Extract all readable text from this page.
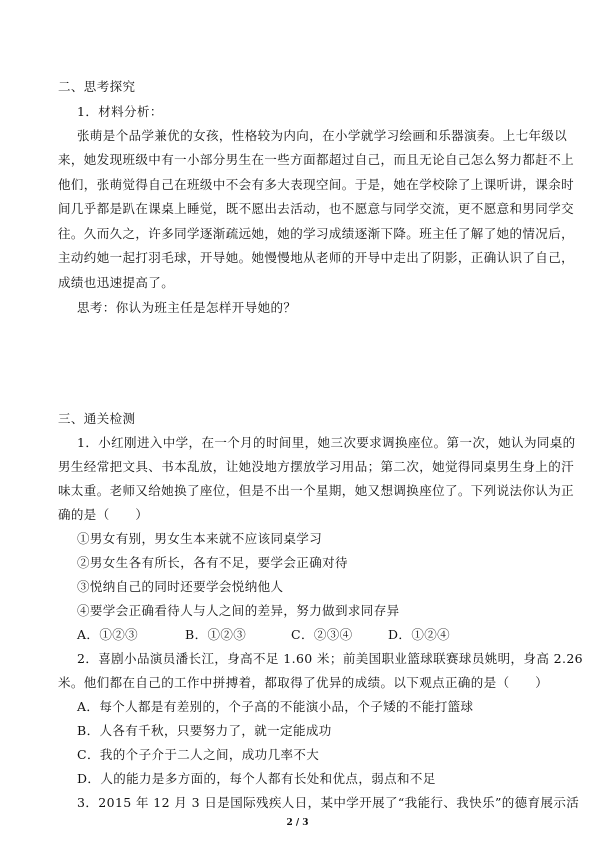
二、思考探究
1．材料分析：
张萌是个品学兼优的女孩，性格较为内向，在小学就学习绘画和乐器演奏。上七年级以
来，她发现班级中有一小部分男生在一些方面都超过自己，而且无论自己怎么努力都赶不上
他们，张萌觉得自己在班级中不会有多大表现空间。于是，她在学校除了上课听讲，课余时
间几乎都是趴在课桌上睡觉，既不愿出去活动，也不愿意与同学交流，更不愿意和男同学交
往。久而久之，许多同学逐渐疏远她，她的学习成绩逐渐下降。班主任了解了她的情况后，
主动约她一起打羽毛球，开导她。她慢慢地从老师的开导中走出了阴影，正确认识了自己，
成绩也迅速提高了。
思考：你认为班主任是怎样开导她的？
三、通关检测
1．小红刚进入中学，在一个月的时间里，她三次要求调换座位。第一次，她认为同桌的
男生经常把文具、书本乱放，让她没地方摆放学习用品；第二次，她觉得同桌男生身上的汗
味太重。老师又给她换了座位，但是不出一个星期，她又想调换座位了。下列说法你认为正
确的是（　　）
①男女有别，男女生本来就不应该同桌学习
②男女生各有所长，各有不足，要学会正确对待
③悦纳自己的同时还要学会悦纳他人
④要学会正确看待人与人之间的差异，努力做到求同存异
A．①②③	B．①②③	C．②③④	D．①②④
2．喜剧小品演员潘长江，身高不足 1.60 米；前美国职业篮球联赛球员姚明，身高 2.26
米。他们都在自己的工作中拼搏着，都取得了优异的成绩。以下观点正确的是（　　）
A．每个人都是有差别的，个子高的不能演小品，个子矮的不能打篮球
B．人各有千秋，只要努力了，就一定能成功
C．我的个子介于二人之间，成功几率不大
D．人的能力是多方面的，每个人都有长处和优点，弱点和不足
3．2015 年 12 月 3 日是国际残疾人日，某中学开展了“我能行、我快乐”的德育展示活
2 / 3
